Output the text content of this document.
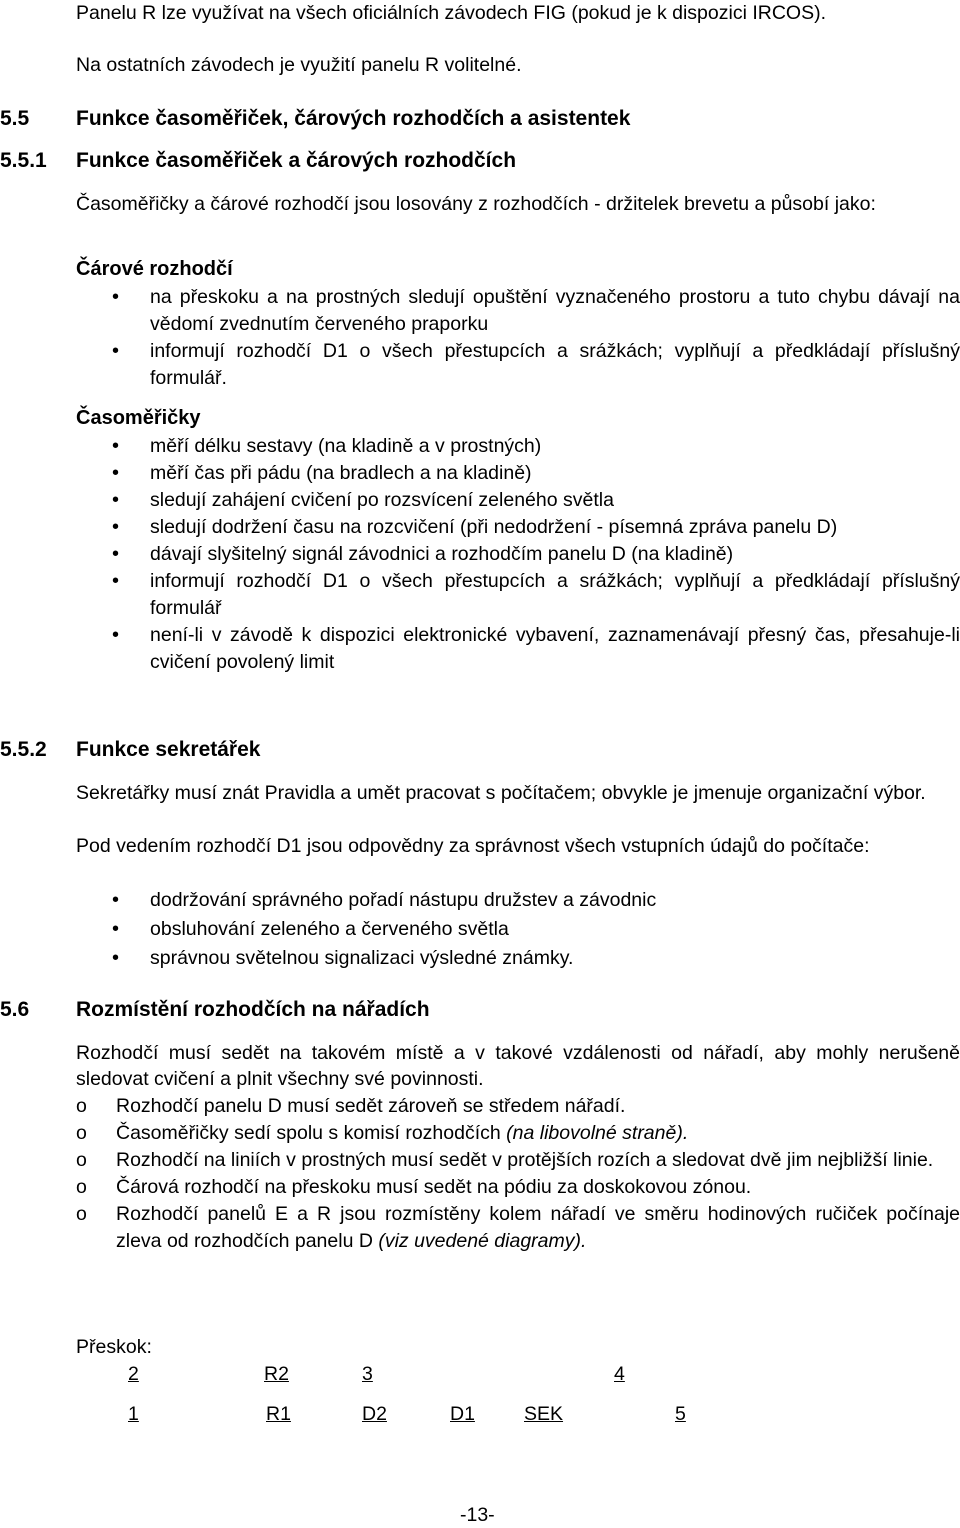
Panelu R lze využívat na všech oficiálních závodech FIG (pokud je k dispozici IRCOS).
Na ostatních závodech je využití panelu R volitelné.
5.5 Funkce časoměřiček, čárových rozhodčích a asistentek
5.5.1 Funkce časoměřiček a čárových rozhodčích
Časoměřičky a čárové rozhodčí jsou losovány z rozhodčích - držitelek brevetu a působí jako:
Čárové rozhodčí
• na přeskoku a na prostných sledují opuštění vyznačeného prostoru a tuto chybu dávají na vědomí zvednutím červeného praporku
• informují rozhodčí D1 o všech přestupcích a srážkách; vyplňují a předkládají příslušný formulář.
Časoměřičky
• měří délku sestavy (na kladině a v prostných)
• měří čas při pádu (na bradlech a na kladině)
• sledují zahájení cvičení po rozsvícení zeleného světla
• sledují dodržení času na rozcvičení (při nedodržení - písemná zpráva panelu D)
• dávají slyšitelný signál závodnici a rozhodčím panelu D (na kladině)
• informují rozhodčí D1 o všech přestupcích a srážkách; vyplňují a předkládají příslušný formulář
• není-li v závodě k dispozici elektronické vybavení, zaznamenávají přesný čas, přesahuje-li cvičení povolený limit
5.5.2 Funkce sekretářek
Sekretářky musí znát Pravidla a umět pracovat s počítačem; obvykle je jmenuje organizační výbor.
Pod vedením rozhodčí D1 jsou odpovědny za správnost všech vstupních údajů do počítače:
• dodržování správného pořadí nástupu družstev a závodnic
• obsluhování zeleného a červeného světla
• správnou světelnou signalizaci výsledné známky.
5.6 Rozmístění rozhodčích na nářadích
Rozhodčí musí sedět na takovém místě a v takové vzdálenosti od nářadí, aby mohly nerušeně sledovat cvičení a plnit všechny své povinnosti.
o Rozhodčí panelu D musí sedět zároveň se středem nářadí.
o Časoměřičky sedí spolu s komisí rozhodčích (na libovolné straně).
o Rozhodčí na liniích v prostných musí sedět v protějších rozích a sledovat dvě jim nejbližší linie.
o Čárová rozhodčí na přeskoku musí sedět na pódiu za doskokovou zónou.
o Rozhodčí panelů E a R jsou rozmístěny kolem nářadí ve směru hodinových ručiček počínaje zleva od rozhodčích panelu D (viz uvedené diagramy).
Přeskok:
2	R2	3	4
1	R1	D2	D1	SEK	5
-13-
